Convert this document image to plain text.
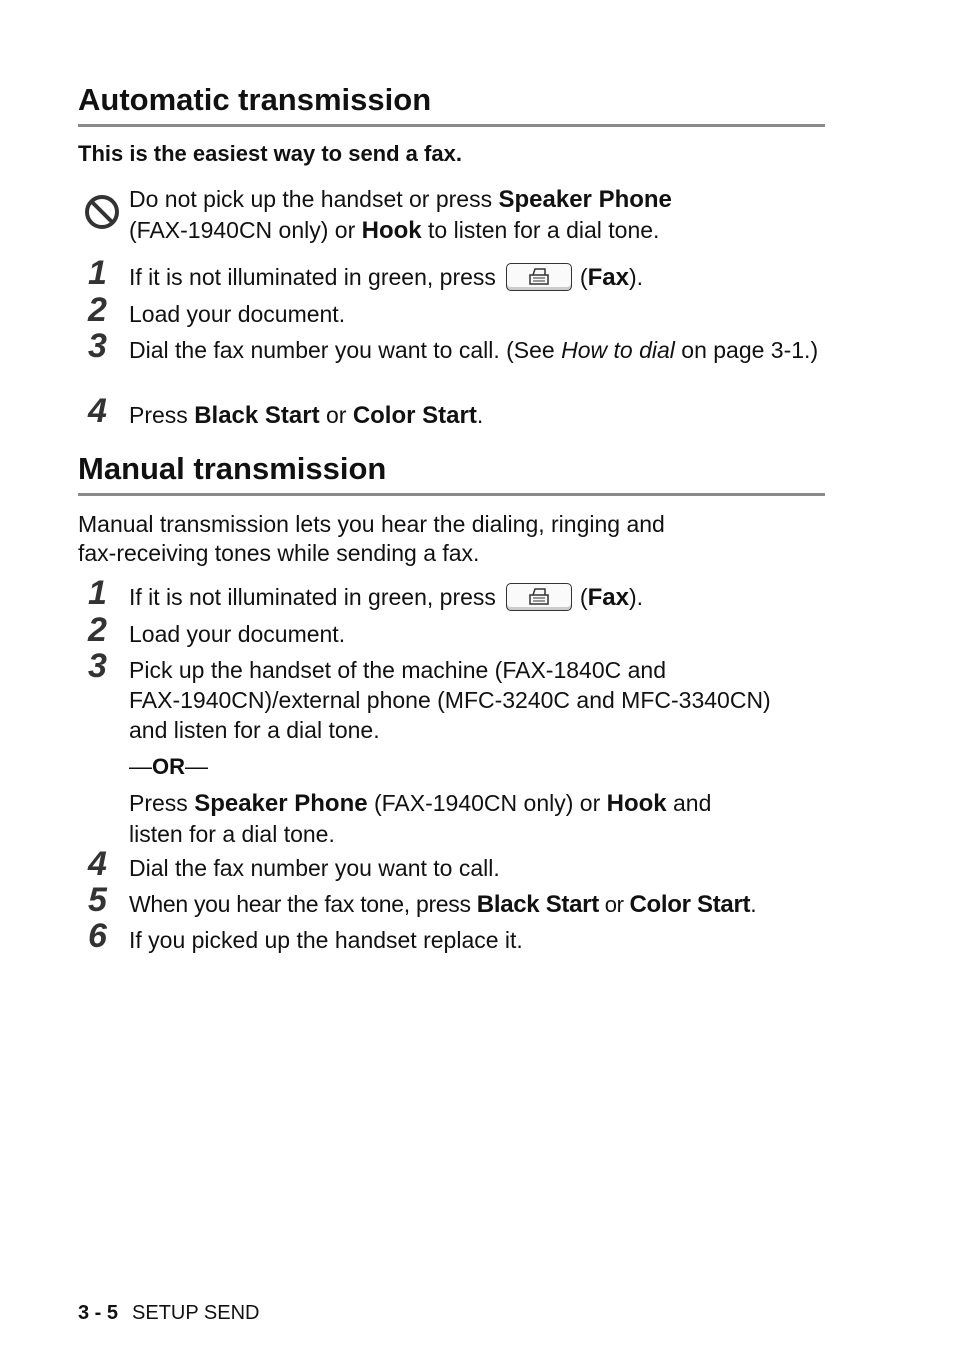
Automatic transmission
This is the easiest way to send a fax.
Do not pick up the handset or press Speaker Phone
(FAX-1940CN only) or Hook to listen for a dial tone.
1 If it is not illuminated in green, press	(Fax).
2 Load your document.
3 Dial the fax number you want to call. (See How to dial on page 3-1.)
4 Press Black Start or Color Start.
Manual transmission
Manual transmission lets you hear the dialing, ringing and
fax-receiving tones while sending a fax.
1 If it is not illuminated in green, press	(Fax).
2 Load your document.
3 Pick up the handset of the machine (FAX-1840C and
FAX-1940CN)/external phone (MFC-3240C and MFC-3340CN)
and listen for a dial tone.
—OR—
Press Speaker Phone (FAX-1940CN only) or Hook and
listen for a dial tone.
4 Dial the fax number you want to call.
5 When you hear the fax tone, press Black Start or Color Start.
6 If you picked up the handset replace it.
3 - 5 SETUP SEND
